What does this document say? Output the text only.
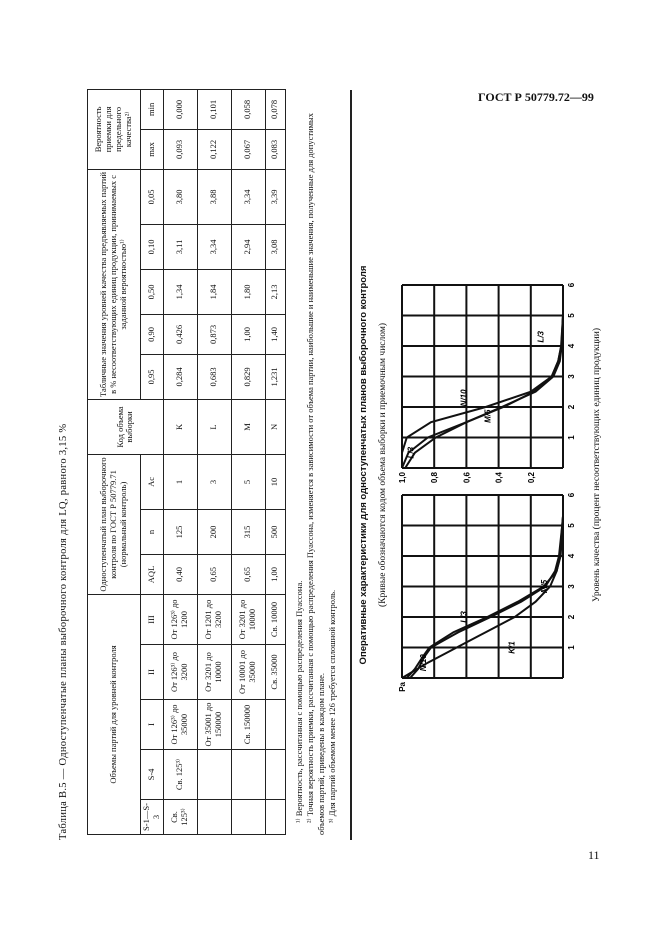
ГОСТ Р 50779.72—99
11
Таблица В.5 — Одноступенчатые планы выборочного контроля для LQ, равного 3,15 %	Объемы партий для уровней контроля					Одноступенчатый план выборочного контроля по ГОСТ Р 50779.71 (нормальный контроль)			Код объема выборки	Табличные значения уровней качества предъявляемых партий в % несоответствующих единиц продукции, принимаемых с заданной вероятностью¹⁾					Вероятность приемки для предельного качества²⁾	
S-1—S-3	S-4	I	II	III	AQL	n	Ac		0,95	0,90	0,50	0,10	0,05	max	min
Св. 125³⁾	Св. 125³⁾	От 126³⁾ до 35000	От 126³⁾ до 3200	От 126³⁾ до 1200	0,40	125	1	K	0,284	0,426	1,34	3,11	3,80	0,093	0,000
		От 35001 до 150000	От 3201 до 10000	От 1201 до 3200	0,65	200	3	L	0,683	0,873	1,84	3,34	3,88	0,122	0,101
		Св. 150000	От 10001 до 35000	От 3201 до 10000	0,65	315	5	M	0,829	1,00	1,80	2,94	3,34	0,067	0,058
			Св. 35000	Св. 10000	1,00	500	10	N	1,231	1,40	2,13	3,08	3,39	0,083	0,078

¹⁾ Вероятность, рассчитанная с помощью распределения Пуассона. ²⁾ Точная вероятность приемки, рассчитанная с помощью распределения Пуассона, изменяется в зависимости от объема партии, наибольшие и наименьшие значения, полученные для допустимых объемов партий, приведены в каждом плане. ³⁾ Для партий объемом менее 126 требуется сплошной контроль.

Оперативные характеристики для одноступенчатых планов выборочного контроля (Кривые обозначаются кодом объема выборки и приемочным числом)
1
2
3
4
5
6
Pa
K/1
L/3
N/10
M/5
1
2
3
4
5
6
1,0	0,8	0,6	0,4	0,2
N/10
M/5
L/3
L/3	Уровень качества (процент несоответствующих единиц продукции)
